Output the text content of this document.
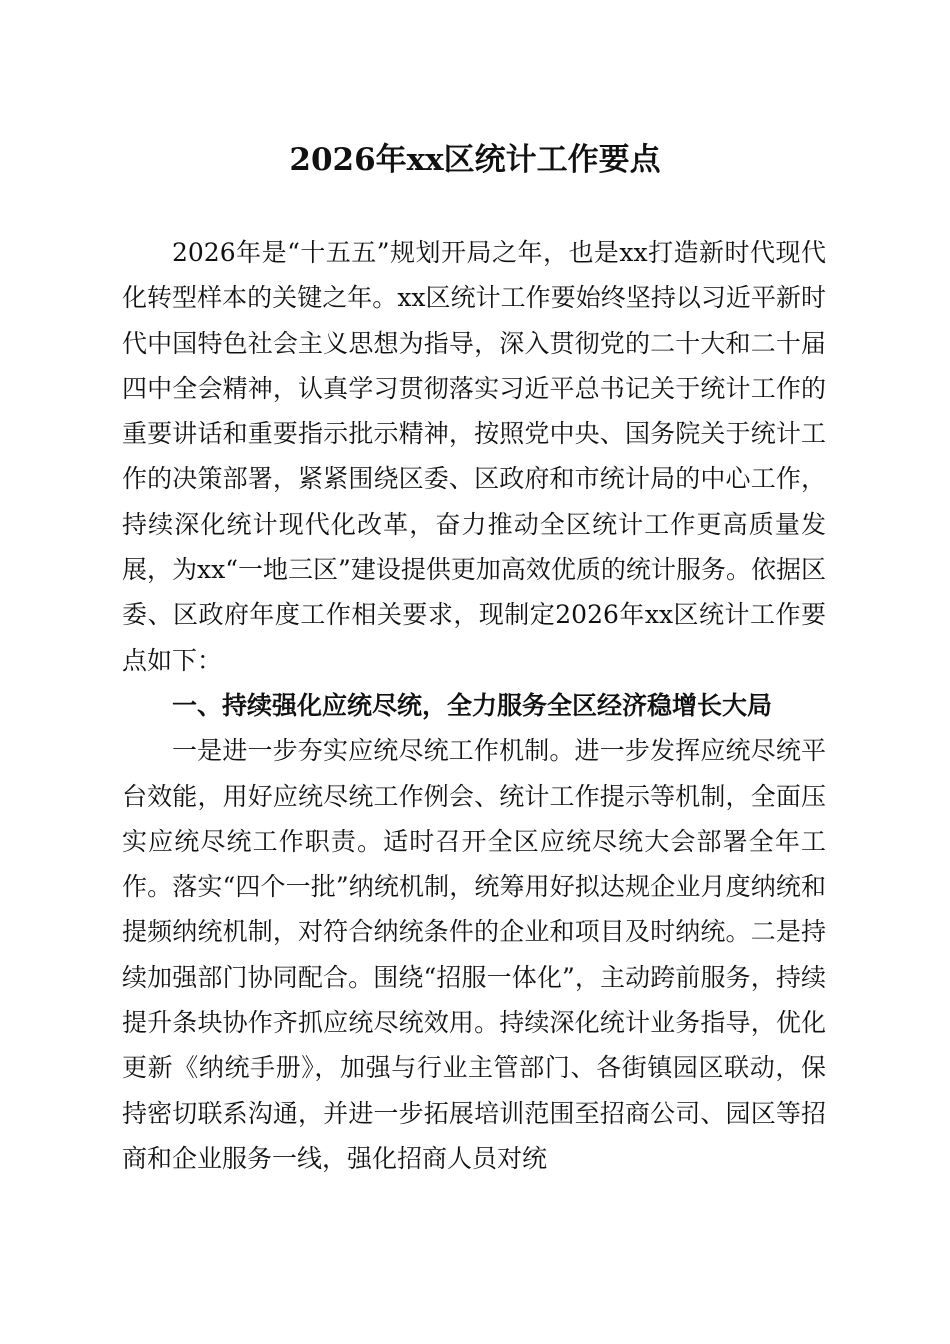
2026年xx区统计工作要点

2026年是“十五五”规划开局之年，也是xx打造新时代现代化转型样本的关键之年。xx区统计工作要始终坚持以习近平新时代中国特色社会主义思想为指导，深入贯彻党的二十大和二十届四中全会精神，认真学习贯彻落实习近平总书记关于统计工作的重要讲话和重要指示批示精神，按照党中央、国务院关于统计工作的决策部署，紧紧围绕区委、区政府和市统计局的中心工作，持续深化统计现代化改革，奋力推动全区统计工作更高质量发展，为xx“一地三区”建设提供更加高效优质的统计服务。依据区委、区政府年度工作相关要求，现制定2026年xx区统计工作要点如下：

一、持续强化应统尽统，全力服务全区经济稳增长大局

一是进一步夯实应统尽统工作机制。进一步发挥应统尽统平台效能，用好应统尽统工作例会、统计工作提示等机制，全面压实应统尽统工作职责。适时召开全区应统尽统大会部署全年工作。落实“四个一批”纳统机制，统筹用好拟达规企业月度纳统和提频纳统机制，对符合纳统条件的企业和项目及时纳统。二是持续加强部门协同配合。围绕“招服一体化”，主动跨前服务，持续提升条块协作齐抓应统尽统效用。持续深化统计业务指导，优化更新《纳统手册》，加强与行业主管部门、各街镇园区联动，保持密切联系沟通，并进一步拓展培训范围至招商公司、园区等招商和企业服务一线，强化招商人员对统
